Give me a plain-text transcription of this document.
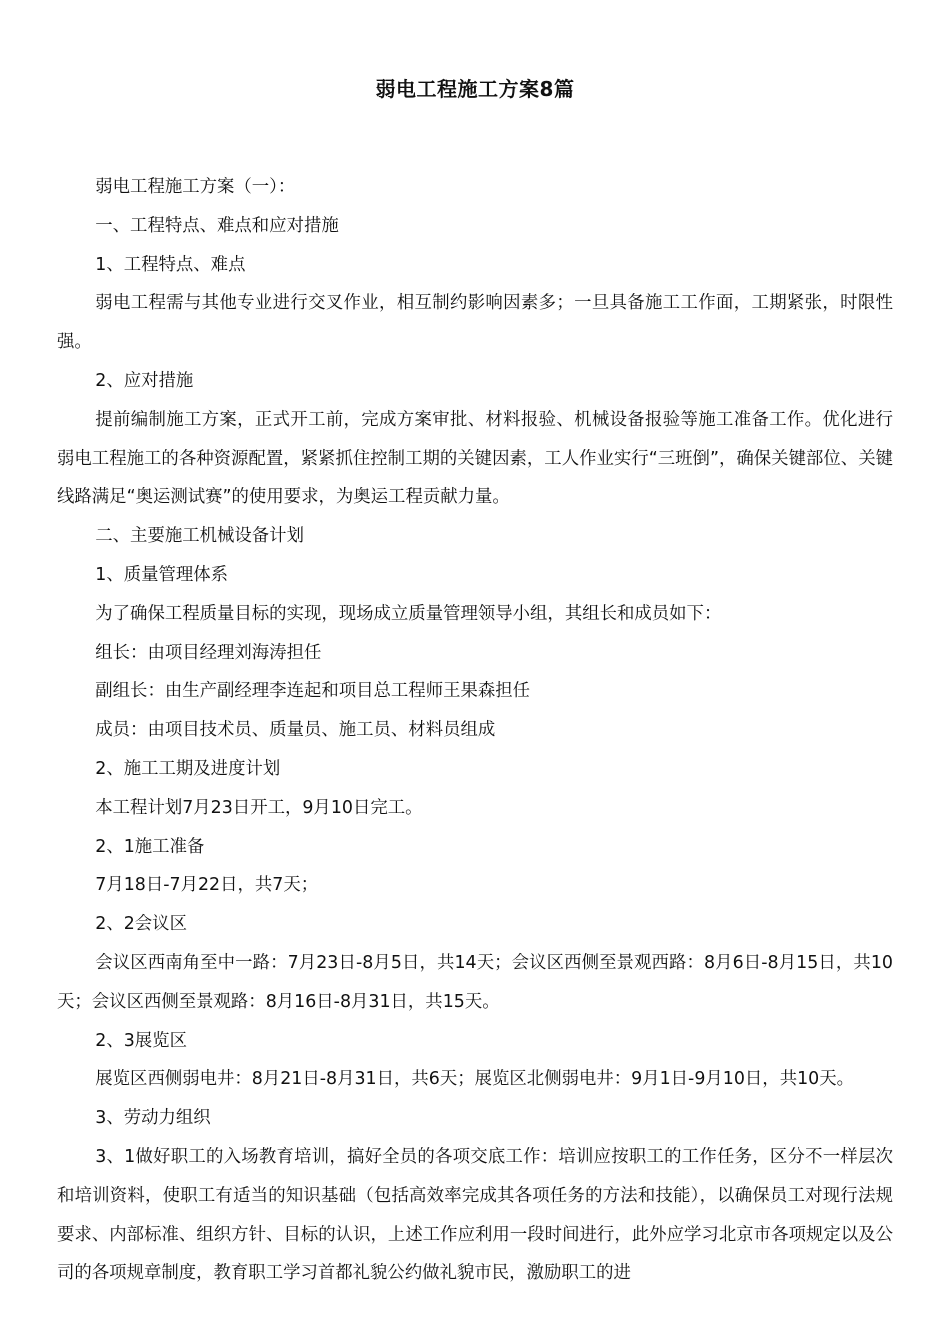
弱电工程施工方案8篇

弱电工程施工方案（一）：

一、工程特点、难点和应对措施

1、工程特点、难点

弱电工程需与其他专业进行交叉作业，相互制约影响因素多；一旦具备施工工作面，工期紧张，时限性强。

2、应对措施

提前编制施工方案，正式开工前，完成方案审批、材料报验、机械设备报验等施工准备工作。优化进行弱电工程施工的各种资源配置，紧紧抓住控制工期的关键因素，工人作业实行“三班倒”，确保关键部位、关键线路满足“奥运测试赛”的使用要求，为奥运工程贡献力量。

二、主要施工机械设备计划

1、质量管理体系

为了确保工程质量目标的实现，现场成立质量管理领导小组，其组长和成员如下：

组长：由项目经理刘海涛担任

副组长：由生产副经理李连起和项目总工程师王果森担任

成员：由项目技术员、质量员、施工员、材料员组成

2、施工工期及进度计划

本工程计划7月23日开工，9月10日完工。

2、1施工准备

7月18日-7月22日，共7天；

2、2会议区

会议区西南角至中一路：7月23日-8月5日，共14天；会议区西侧至景观西路：8月6日-8月15日，共10天；会议区西侧至景观路：8月16日-8月31日，共15天。

2、3展览区

展览区西侧弱电井：8月21日-8月31日，共6天；展览区北侧弱电井：9月1日-9月10日，共10天。

3、劳动力组织

3、1做好职工的入场教育培训，搞好全员的各项交底工作：培训应按职工的工作任务，区分不一样层次和培训资料，使职工有适当的知识基础（包括高效率完成其各项任务的方法和技能），以确保员工对现行法规要求、内部标准、组织方针、目标的认识，上述工作应利用一段时间进行，此外应学习北京市各项规定以及公司的各项规章制度，教育职工学习首都礼貌公约做礼貌市民，激励职工的进
